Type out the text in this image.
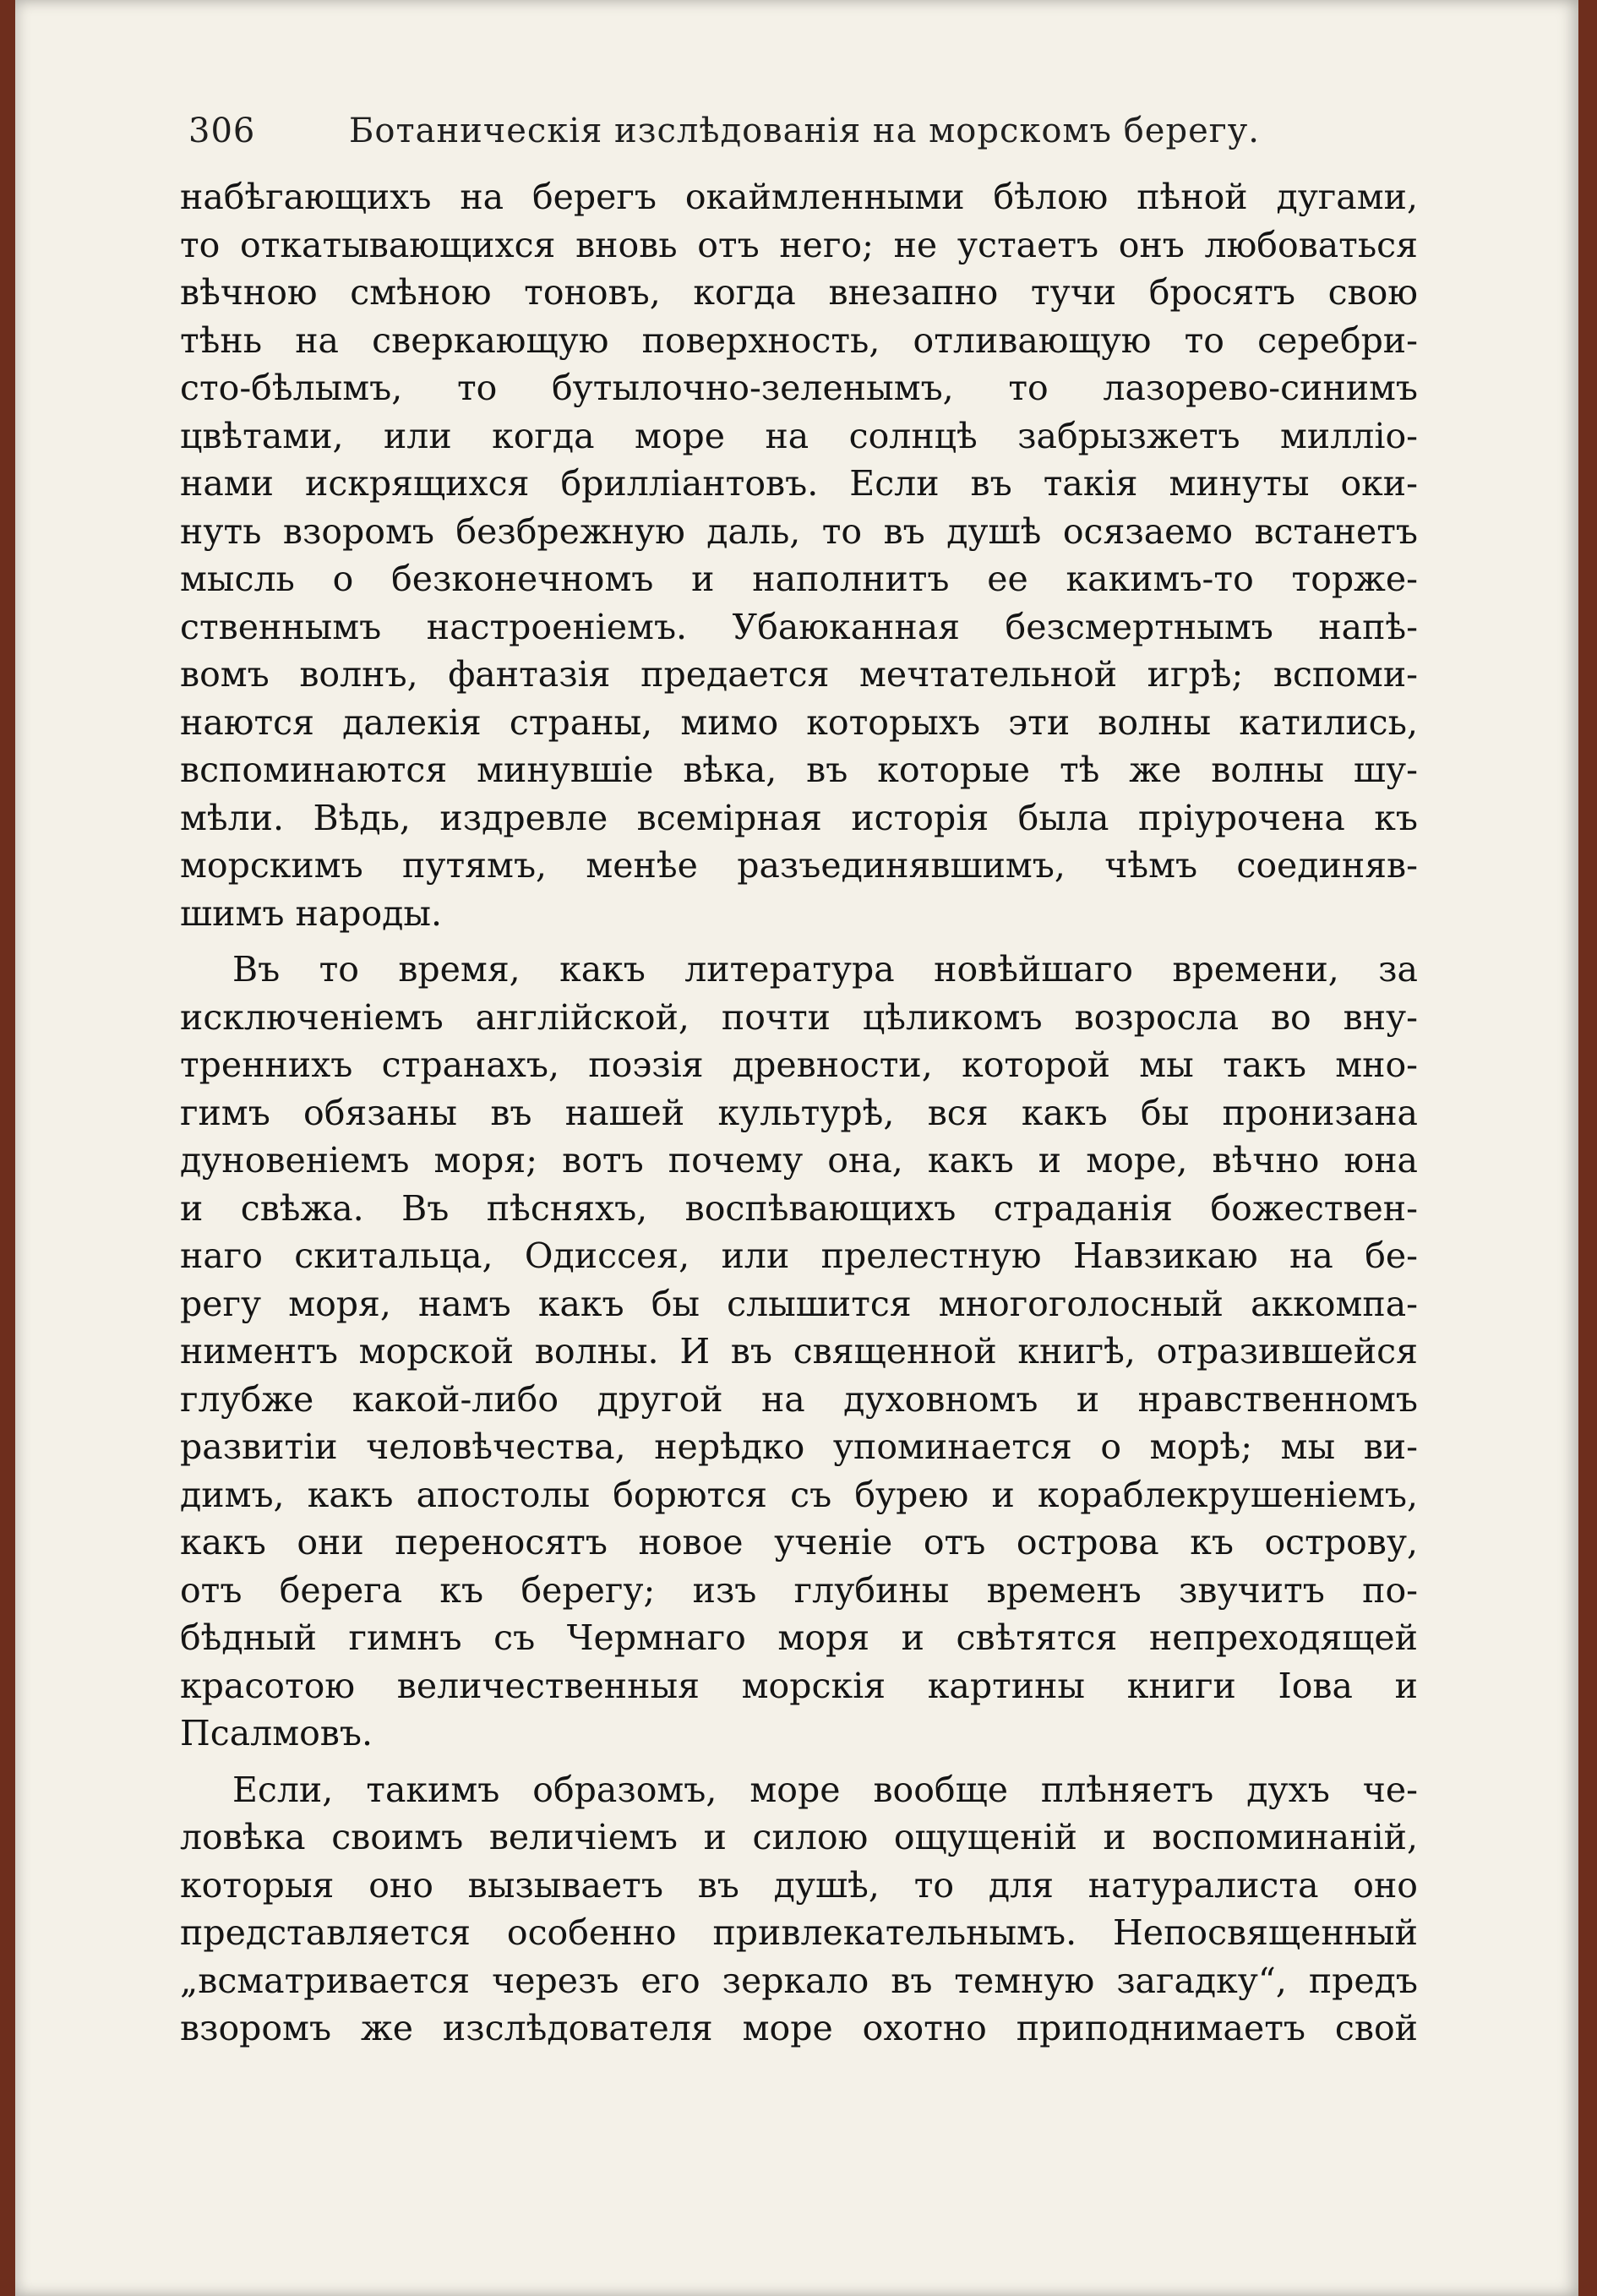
306	Ботаническія изслѣдованія на морскомъ берегу.
набѣгающихъ на берегъ окаймленными бѣлою пѣной дугами,
то откатывающихся вновь отъ него; не устаетъ онъ любоваться
вѣчною смѣною тоновъ, когда внезапно тучи бросятъ свою
тѣнь на сверкающую поверхность, отливающую то серебри-
сто-бѣлымъ, то бутылочно-зеленымъ, то лазорево-синимъ
цвѣтами, или когда море на солнцѣ забрызжетъ милліо-
нами искрящихся бриллiантовъ. Если въ такія минуты оки-
нуть взоромъ безбрежную даль, то въ душѣ осязаемо встанетъ
мысль о безконечномъ и наполнитъ ее какимъ-то торже-
ственнымъ настроеніемъ. Убаюканная безсмертнымъ напѣ-
вомъ волнъ, фантазія предается мечтательной игрѣ; вспоми-
наются далекія страны, мимо которыхъ эти волны катились,
вспоминаются минувшіе вѣка, въ которые тѣ же волны шу-
мѣли. Вѣдь, издревле всемірная исторія была пріурочена къ
морскимъ путямъ, менѣе разъединявшимъ, чѣмъ соединяв-
шимъ народы.
Въ то время, какъ литература новѣйшаго времени, за
исключеніемъ англійской, почти цѣликомъ возросла во вну-
треннихъ странахъ, поэзія древности, которой мы такъ мно-
гимъ обязаны въ нашей культурѣ, вся какъ бы пронизана
дуновеніемъ моря; вотъ почему она, какъ и море, вѣчно юна
и свѣжа. Въ пѣсняхъ, воспѣвающихъ страданія божествен-
наго скитальца, Одиссея, или прелестную Навзикаю на бе-
регу моря, намъ какъ бы слышится многоголосный аккомпа-
ниментъ морской волны. И въ священной книгѣ, отразившейся
глубже какой-либо другой на духовномъ и нравственномъ
развитіи человѣчества, нерѣдко упоминается о морѣ; мы ви-
димъ, какъ апостолы борются съ бурею и кораблекрушеніемъ,
какъ они переносятъ новое ученіе отъ острова къ острову,
отъ берега къ берегу; изъ глубины временъ звучитъ по-
бѣдный гимнъ съ Чермнаго моря и свѣтятся непреходящей
красотою величественныя морскія картины книги Іова и
Псалмовъ.
Если, такимъ образомъ, море вообще плѣняетъ духъ че-
ловѣка своимъ величіемъ и силою ощущеній и воспоминаній,
которыя оно вызываетъ въ душѣ, то для натуралиста оно
представляется особенно привлекательнымъ. Непосвященный
„всматривается черезъ его зеркало въ темную загадку“, предъ
взоромъ же изслѣдователя море охотно приподнимаетъ свой
